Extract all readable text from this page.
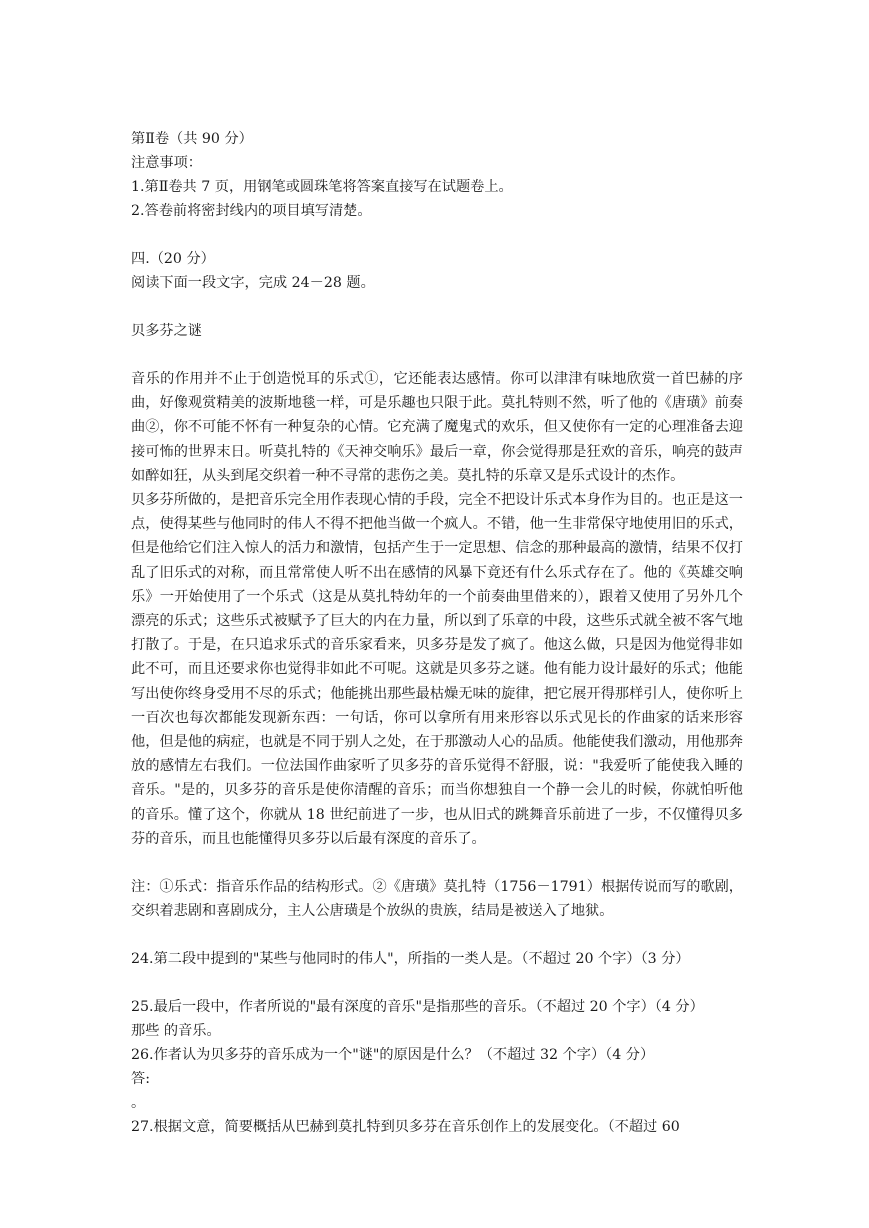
第Ⅱ卷（共 90 分）
注意事项：
1.第Ⅱ卷共 7 页，用钢笔或圆珠笔将答案直接写在试题卷上。
2.答卷前将密封线内的项目填写清楚。
四.（20 分）
阅读下面一段文字，完成 24－28 题。
贝多芬之谜

音乐的作用并不止于创造悦耳的乐式①，它还能表达感情。你可以津津有味地欣赏一首巴赫的序曲，好像观赏精美的波斯地毯一样，可是乐趣也只限于此。莫扎特则不然，听了他的《唐璜》前奏曲②，你不可能不怀有一种复杂的心情。它充满了魔鬼式的欢乐，但又使你有一定的心理准备去迎接可怖的世界末日。听莫扎特的《天神交响乐》最后一章，你会觉得那是狂欢的音乐，响亮的鼓声如醉如狂，从头到尾交织着一种不寻常的悲伤之美。莫扎特的乐章又是乐式设计的杰作。

贝多芬所做的，是把音乐完全用作表现心情的手段，完全不把设计乐式本身作为目的。也正是这一点，使得某些与他同时的伟人不得不把他当做一个疯人。不错，他一生非常保守地使用旧的乐式，但是他给它们注入惊人的活力和激情，包括产生于一定思想、信念的那种最高的激情，结果不仅打乱了旧乐式的对称，而且常常使人听不出在感情的风暴下竟还有什么乐式存在了。他的《英雄交响乐》一开始使用了一个乐式（这是从莫扎特幼年的一个前奏曲里借来的），跟着又使用了另外几个漂亮的乐式；这些乐式被赋予了巨大的内在力量，所以到了乐章的中段，这些乐式就全被不客气地打散了。于是，在只追求乐式的音乐家看来，贝多芬是发了疯了。他这么做，只是因为他觉得非如此不可，而且还要求你也觉得非如此不可呢。这就是贝多芬之谜。他有能力设计最好的乐式；他能写出使你终身受用不尽的乐式；他能挑出那些最枯燥无味的旋律，把它展开得那样引人，使你听上一百次也每次都能发现新东西：一句话，你可以拿所有用来形容以乐式见长的作曲家的话来形容他，但是他的病症，也就是不同于别人之处，在于那激动人心的品质。他能使我们激动，用他那奔放的感情左右我们。一位法国作曲家听了贝多芬的音乐觉得不舒服，说："我爱听了能使我入睡的音乐。"是的，贝多芬的音乐是使你清醒的音乐；而当你想独自一个静一会儿的时候，你就怕听他的音乐。懂了这个，你就从 18 世纪前进了一步，也从旧式的跳舞音乐前进了一步，不仅懂得贝多芬的音乐，而且也能懂得贝多芬以后最有深度的音乐了。

注：①乐式：指音乐作品的结构形式。②《唐璜》莫扎特（1756－1791）根据传说而写的歌剧，交织着悲剧和喜剧成分，主人公唐璜是个放纵的贵族，结局是被送入了地狱。

24.第二段中提到的"某些与他同时的伟人"，所指的一类人是。（不超过 20 个字）（3 分）
25.最后一段中，作者所说的"最有深度的音乐"是指那些的音乐。（不超过 20 个字）（4 分）
那些 的音乐。
26.作者认为贝多芬的音乐成为一个"谜"的原因是什么？（不超过 32 个字）（4 分）
答:
。
27.根据文意，简要概括从巴赫到莫扎特到贝多芬在音乐创作上的发展变化。（不超过 60
